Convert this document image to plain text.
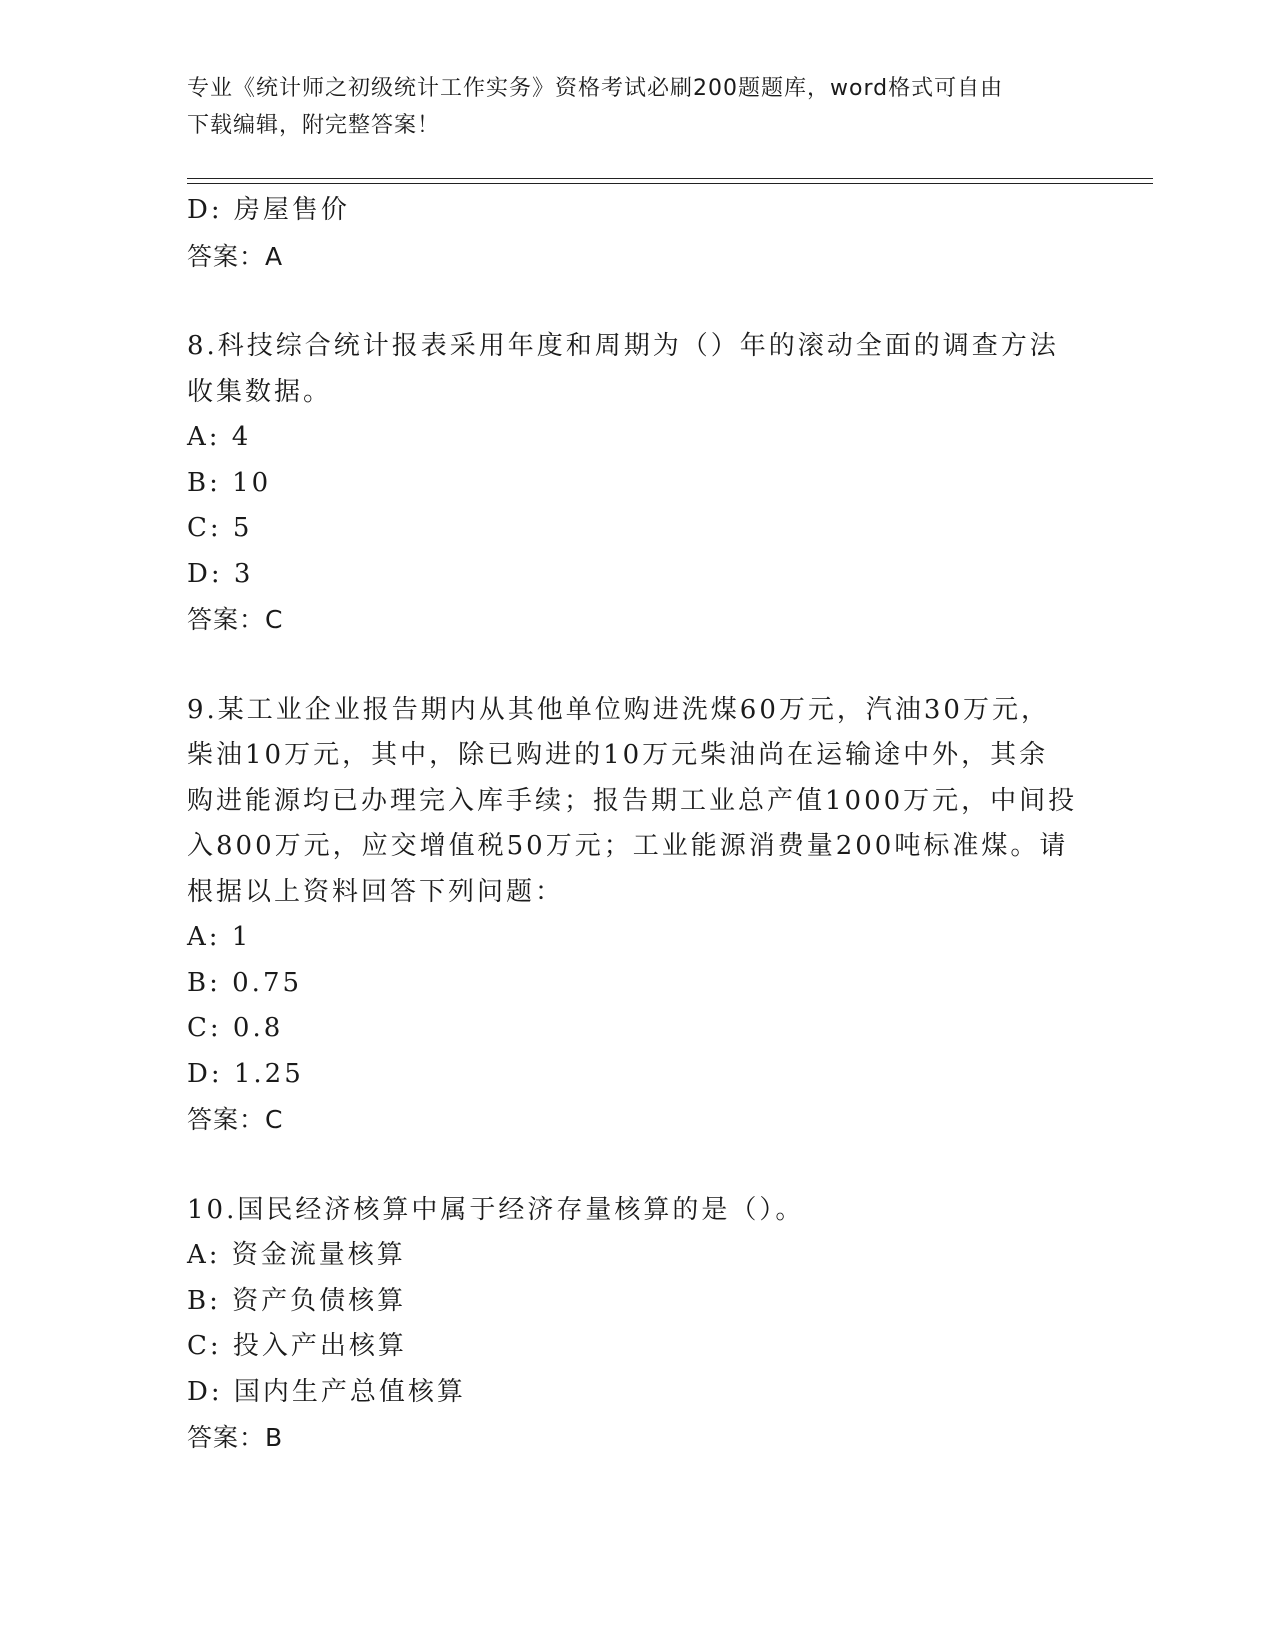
专业《统计师之初级统计工作实务》资格考试必刷200题题库，word格式可自由
下载编辑，附完整答案！
D: 房屋售价
答案：A
8.科技综合统计报表采用年度和周期为（）年的滚动全面的调查方法
收集数据。
A: 4
B: 10
C: 5
D: 3
答案：C
9.某工业企业报告期内从其他单位购进洗煤60万元，汽油30万元，
柴油10万元，其中，除已购进的10万元柴油尚在运输途中外，其余
购进能源均已办理完入库手续；报告期工业总产值1000万元，中间投
入800万元，应交增值税50万元；工业能源消费量200吨标准煤。请
根据以上资料回答下列问题：
A: 1
B: 0.75
C: 0.8
D: 1.25
答案：C
10.国民经济核算中属于经济存量核算的是（）。
A: 资金流量核算
B: 资产负债核算
C: 投入产出核算
D: 国内生产总值核算
答案：B
